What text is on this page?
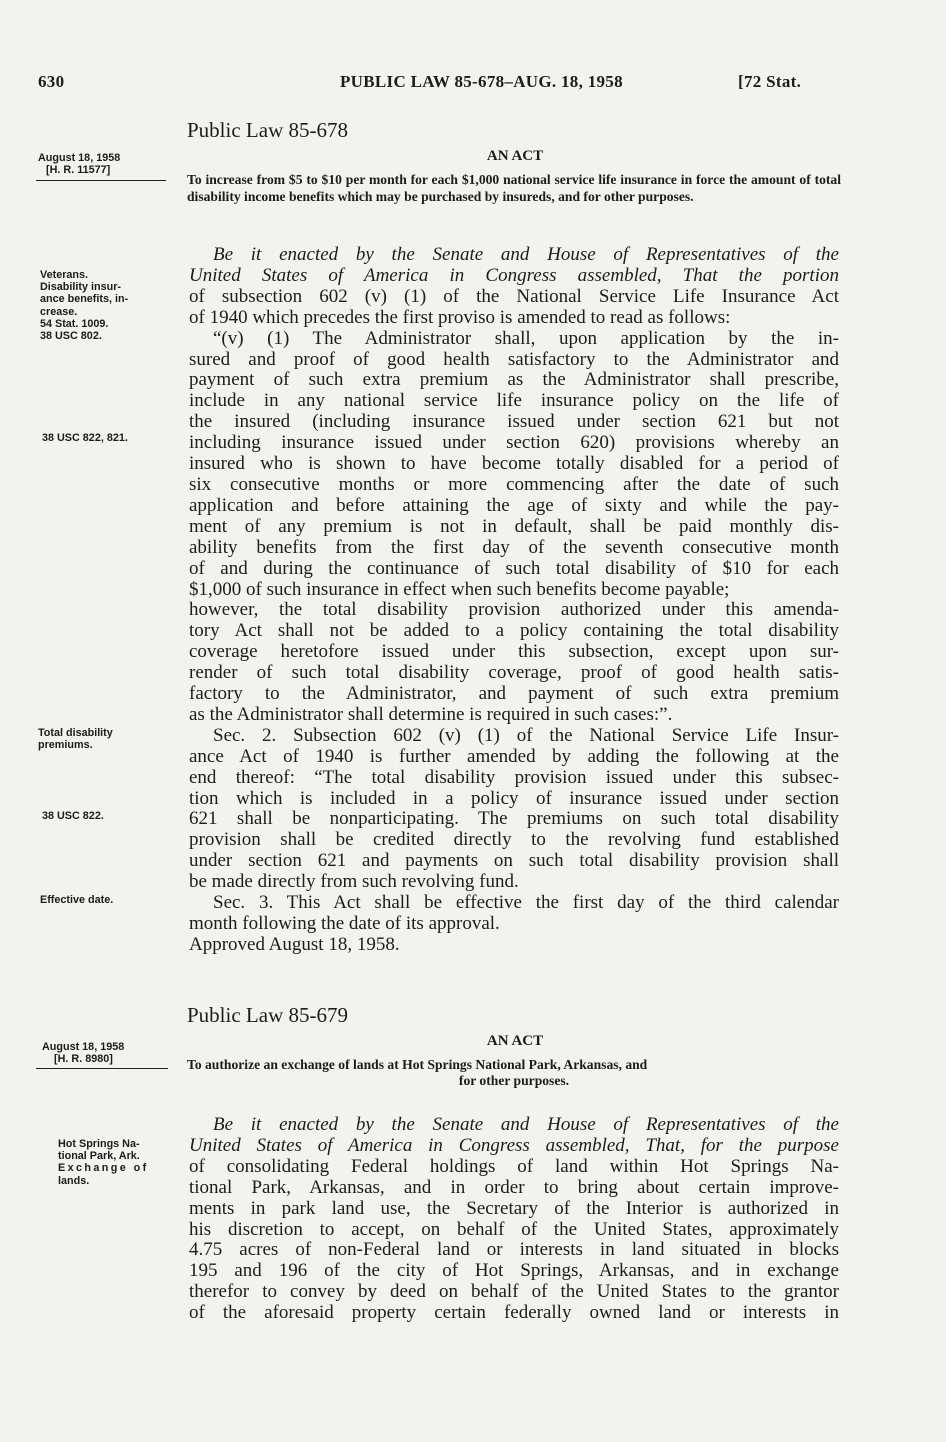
630	PUBLIC LAW 85-678–AUG. 18, 1958	[72 Stat.
Public Law 85-678
August 18, 1958
[H. R. 11577]
AN ACT
To increase from $5 to $10 per month for each $1,000 national service life insurance in force the amount of total disability income benefits which may be purchased by insureds, and for other purposes.
Veterans.
Disability insur-
ance benefits, in-
crease.
54 Stat. 1009.
38 USC 802.
38 USC 822, 821.
Total disability
premiums.
38 USC 822.
Effective date.

Be it enacted by the Senate and House of Representatives of the

United States of America in Congress assembled, That the portion

of subsection 602 (v) (1) of the National Service Life Insurance Act

of 1940 which precedes the first proviso is amended to read as follows:

“(v) (1) The Administrator shall, upon application by the in-

sured and proof of good health satisfactory to the Administrator and

payment of such extra premium as the Administrator shall prescribe,

include in any national service life insurance policy on the life of

the insured (including insurance issued under section 621 but not

including insurance issued under section 620) provisions whereby an

insured who is shown to have become totally disabled for a period of

six consecutive months or more commencing after the date of such

application and before attaining the age of sixty and while the pay-

ment of any premium is not in default, shall be paid monthly dis-

ability benefits from the first day of the seventh consecutive month

of and during the continuance of such total disability of $10 for each

$1,000 of such insurance in effect when such benefits become payable;

however, the total disability provision authorized under this amenda-

tory Act shall not be added to a policy containing the total disability

coverage heretofore issued under this subsection, except upon sur-

render of such total disability coverage, proof of good health satis-

factory to the Administrator, and payment of such extra premium

as the Administrator shall determine is required in such cases:”.

Sec. 2. Subsection 602 (v) (1) of the National Service Life Insur-

ance Act of 1940 is further amended by adding the following at the

end thereof: “The total disability provision issued under this subsec-

tion which is included in a policy of insurance issued under section

621 shall be nonparticipating. The premiums on such total disability

provision shall be credited directly to the revolving fund established

under section 621 and payments on such total disability provision shall

be made directly from such revolving fund.

Sec. 3. This Act shall be effective the first day of the third calendar

month following the date of its approval.

Approved August 18, 1958.

Public Law 85-679
August 18, 1958
[H. R. 8980]
AN ACT
To authorize an exchange of lands at Hot Springs National Park, Arkansas, and
for other purposes.
Hot Springs Na-
tional Park, Ark.
Exchange of
lands.

Be it enacted by the Senate and House of Representatives of the

United States of America in Congress assembled, That, for the purpose

of consolidating Federal holdings of land within Hot Springs Na-

tional Park, Arkansas, and in order to bring about certain improve-

ments in park land use, the Secretary of the Interior is authorized in

his discretion to accept, on behalf of the United States, approximately

4.75 acres of non-Federal land or interests in land situated in blocks

195 and 196 of the city of Hot Springs, Arkansas, and in exchange

therefor to convey by deed on behalf of the United States to the grantor

of the aforesaid property certain federally owned land or interests in
